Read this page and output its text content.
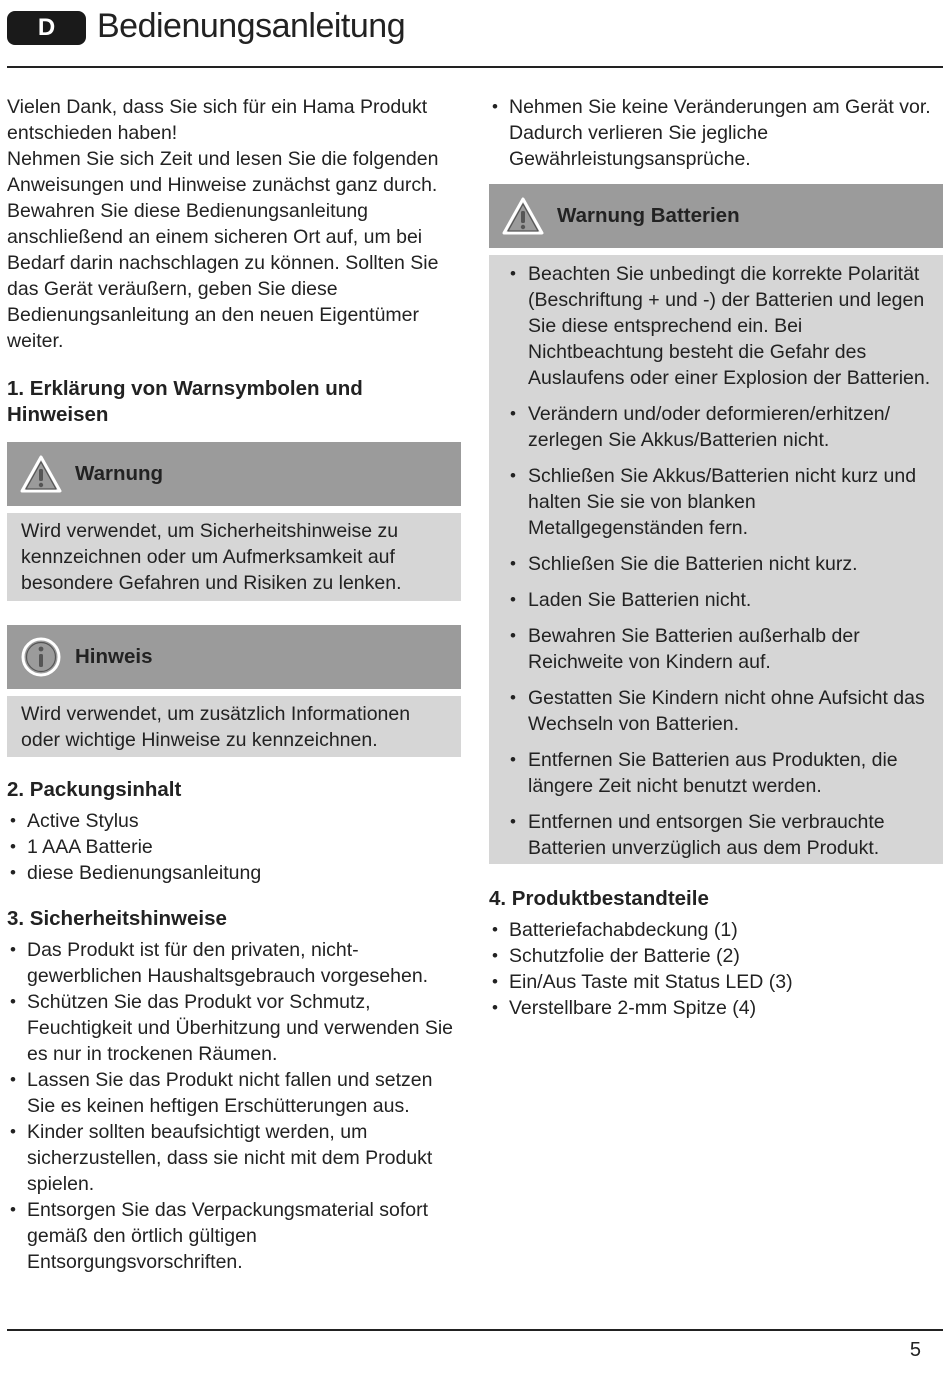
D	Bedienungsanleitung

Vielen Dank, dass Sie sich für ein Hama Produkt entschieden haben!

Nehmen Sie sich Zeit und lesen Sie die folgenden Anweisungen und Hinweise zunächst ganz durch. Bewahren Sie diese Bedienungsanleitung anschließend an einem sicheren Ort auf, um bei Bedarf darin nachschlagen zu können. Sollten Sie das Gerät veräußern, geben Sie diese Bedienungsanleitung an den neuen Eigentümer weiter.

1. Erklärung von Warnsymbolen und Hinweisen
Warnung

Wird verwendet, um Sicherheitshinweise zu kennzeichnen oder um Aufmerksamkeit auf besondere Gefahren und Risiken zu lenken.

Hinweis

Wird verwendet, um zusätzlich Informationen oder wichtige Hinweise zu kennzeichnen.

2. Packungsinhalt
• Active Stylus
• 1 AAA Batterie
• diese Bedienungsanleitung
3. Sicherheitshinweise
• Das Produkt ist für den privaten, nicht-gewerblichen Haushaltsgebrauch vorgesehen.
• Schützen Sie das Produkt vor Schmutz, Feuchtigkeit und Überhitzung und verwenden Sie es nur in trockenen Räumen.
• Lassen Sie das Produkt nicht fallen und setzen Sie es keinen heftigen Erschütterungen aus.
• Kinder sollten beaufsichtigt werden, um sicherzustellen, dass sie nicht mit dem Produkt spielen.
• Entsorgen Sie das Verpackungsmaterial sofort gemäß den örtlich gültigen Entsorgungsvorschriften.
• Nehmen Sie keine Veränderungen am Gerät vor. Dadurch verlieren Sie jegliche Gewährleistungsansprüche.
Warnung Batterien
• Beachten Sie unbedingt die korrekte Polarität (Beschriftung + und -) der Batterien und legen Sie diese entsprechend ein. Bei Nichtbeachtung besteht die Gefahr des Auslaufens oder einer Explosion der Batterien.
• Verändern und/oder deformieren/erhitzen/ zerlegen Sie Akkus/Batterien nicht.
• Schließen Sie Akkus/Batterien nicht kurz und halten Sie sie von blanken Metallgegenständen fern.
• Schließen Sie die Batterien nicht kurz.
• Laden Sie Batterien nicht.
• Bewahren Sie Batterien außerhalb der Reichweite von Kindern auf.
• Gestatten Sie Kindern nicht ohne Aufsicht das Wechseln von Batterien.
• Entfernen Sie Batterien aus Produkten, die längere Zeit nicht benutzt werden.
• Entfernen und entsorgen Sie verbrauchte Batterien unverzüglich aus dem Produkt.
4. Produktbestandteile
• Batteriefachabdeckung (1)
• Schutzfolie der Batterie (2)
• Ein/Aus Taste mit Status LED (3)
• Verstellbare 2-mm Spitze (4)
5
